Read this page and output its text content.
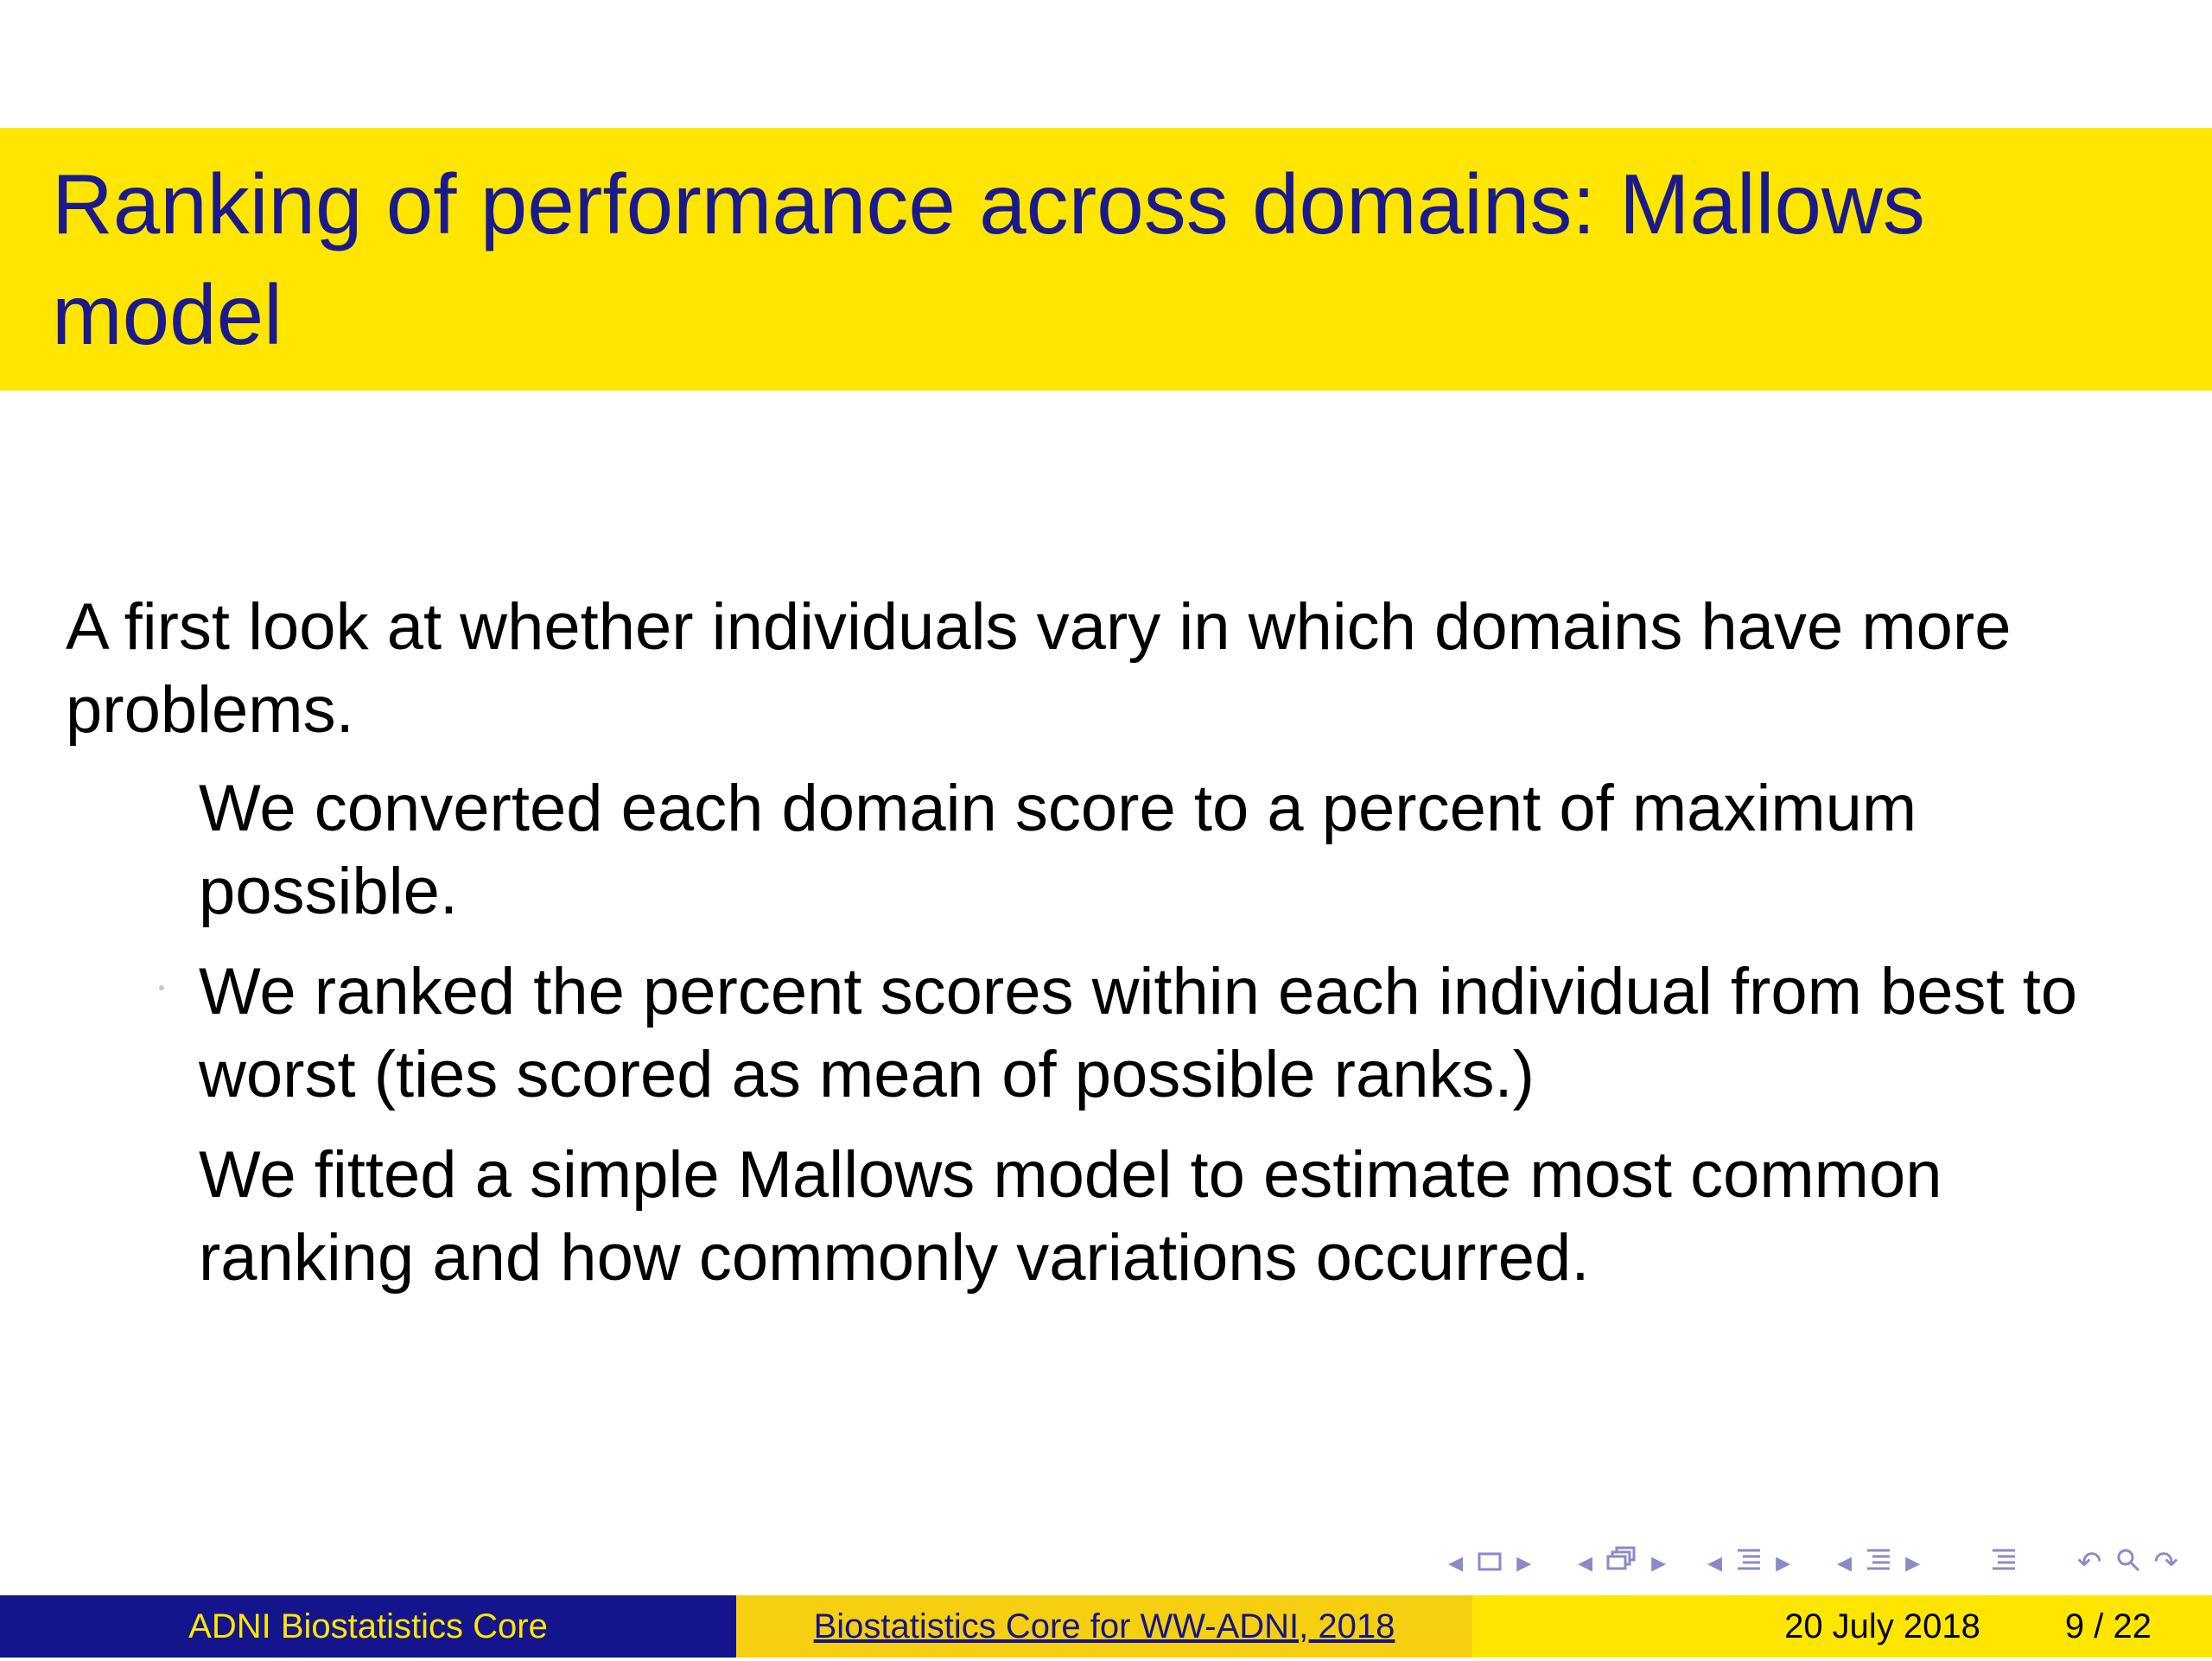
Ranking of performance across domains: Mallows model

A first look at whether individuals vary in which domains have more problems.

We converted each domain score to a percent of maximum possible.
We ranked the percent scores within each individual from best to worst (ties scored as mean of possible ranks.)
We fitted a simple Mallows model to estimate most common ranking and how commonly variations occurred.
◂ ▸ ◂ ▸ ◂ ▸ ◂ ▸	↶ ↷
ADNI Biostatistics Core	Biostatistics Core for WW-ADNI, 2018	20 July 2018 9 / 22
